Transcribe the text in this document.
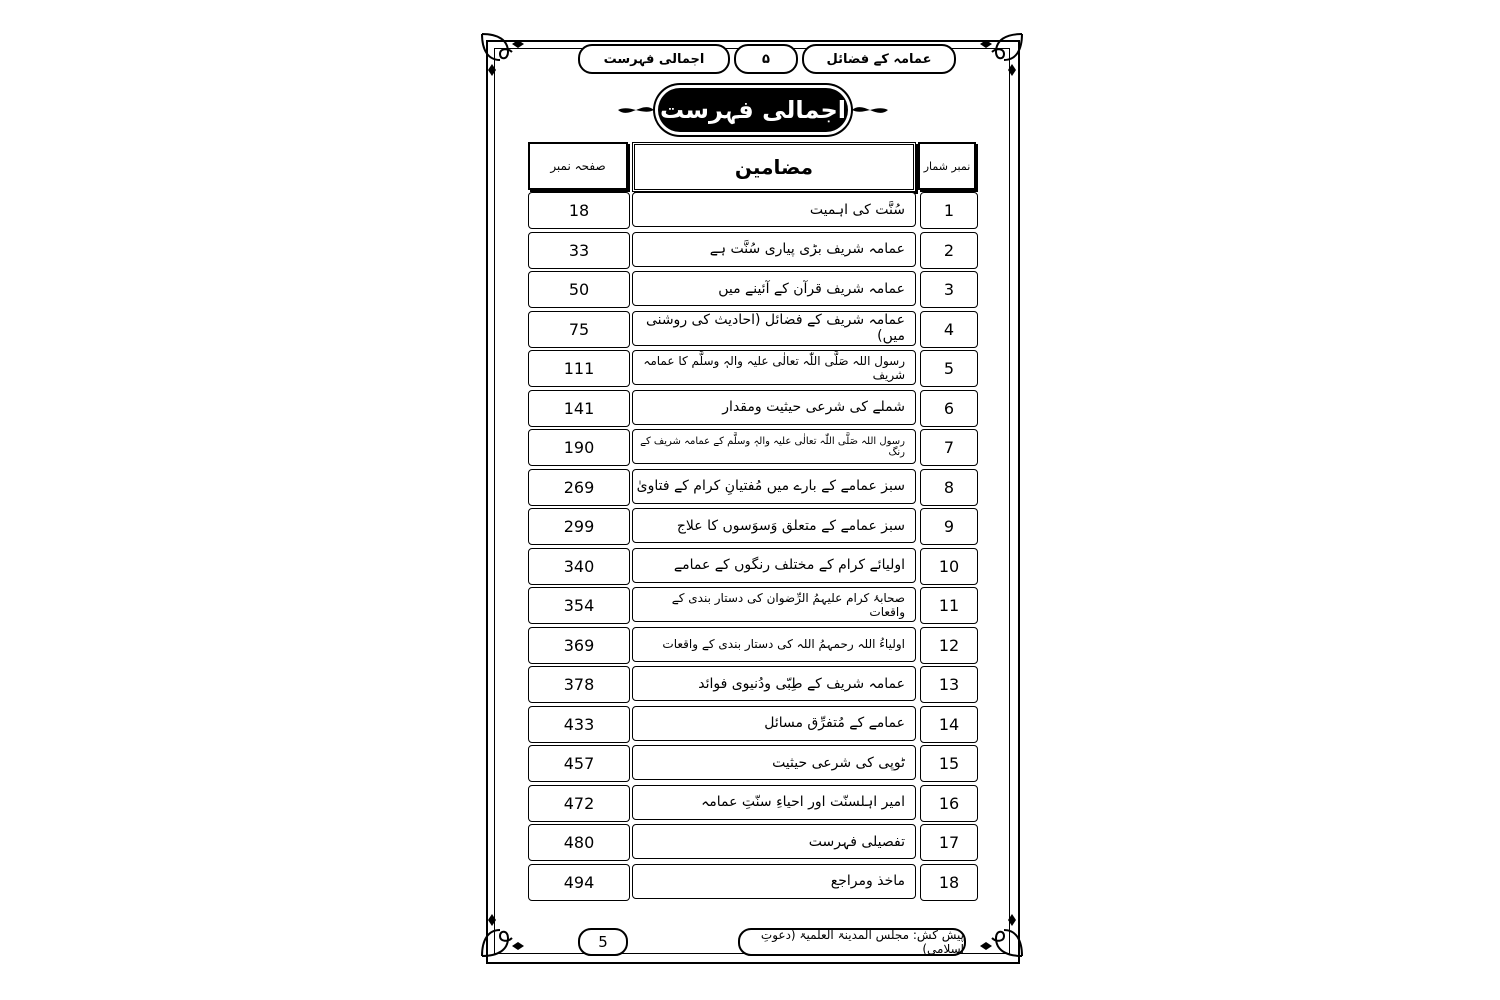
عمامہ کے فضائل
۵
اجمالی فہرست
اجمالی فہرست
صفحہ نمبر	مضامین	نمبر شمار
18	سُنَّت کی اہمیت	1
33	عمامہ شریف بڑی پیاری سُنَّت ہے	2
50	عمامہ شریف قرآن کے آئینے میں	3
75	عمامہ شریف کے فضائل (احادیث کی روشنی میں)	4
111	رسول اللہ صَلَّی اللّٰہ تعالٰی علیہ والہٖ وسلَّم کا عمامہ شریف	5
141	شملے کی شرعی حیثیت ومقدار	6
190	رسول اللہ صَلَّی اللّٰہ تعالٰی علیہ والہٖ وسلَّم کے عمامہ شریف کے رنگ	7
269	سبز عمامے کے بارے میں مُفتیانِ کرام کے فتاویٰ	8
299	سبز عمامے کے متعلق وَسوَسوں کا علاج	9
340	اولیائے کرام کے مختلف رنگوں کے عمامے	10
354	صحابۂ کرام علیہمُ الرِّضوان کی دستار بندی کے واقعات	11
369	اولیاءُ اللہ رحمہمُ اللہ کی دستار بندی کے واقعات	12
378	عمامہ شریف کے طِبّی ودُنیوی فوائد	13
433	عمامے کے مُتفرِّق مسائل	14
457	ٹوپی کی شرعی حیثیت	15
472	امیر اہلسنّت اور احیاءِ سنّتِ عمامہ	16
480	تفصیلی فہرست	17
494	ماخذ ومراجع	18
پیش کش: مجلس المدینۃ العلمیۃ (دعوتِ اسلامی)
5
